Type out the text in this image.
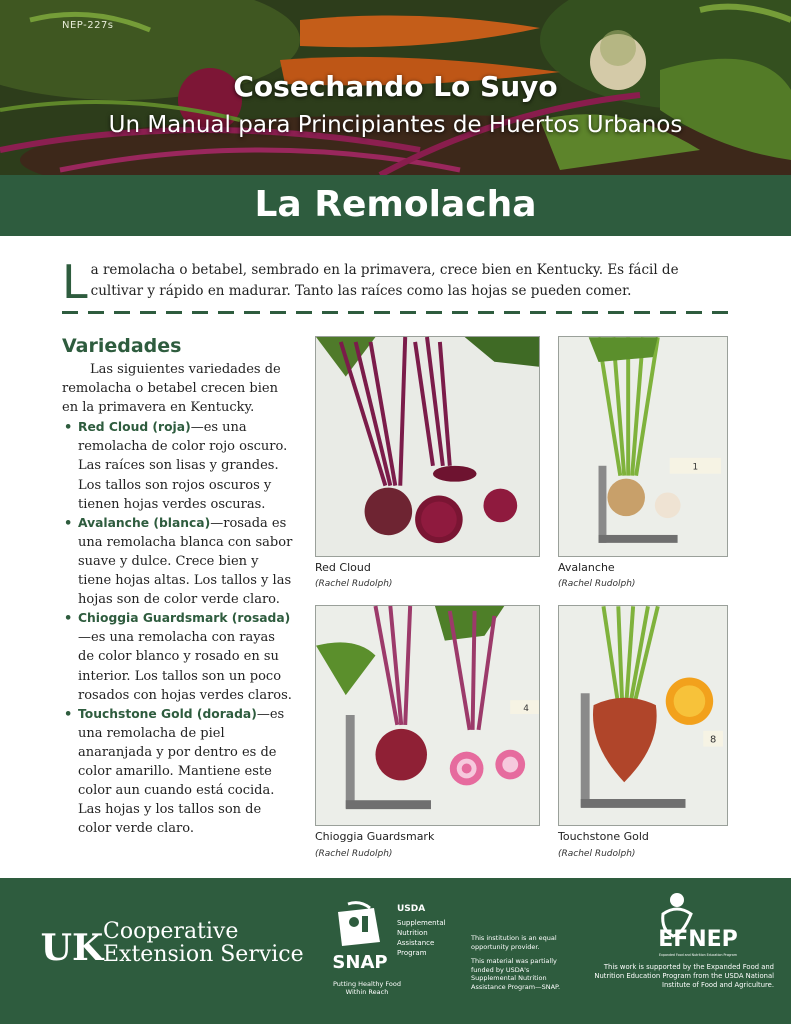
NEP-227s
Cosechando Lo Suyo
Un Manual para Principiantes de Huertos Urbanos
La Remolacha
L a remolacha o betabel, sembrado en la primavera, crece bien en Kentucky. Es fácil de cultivar y rápido en madurar. Tanto las raíces como las hojas se pueden comer.
Variedades

Las siguientes variedades de remolacha o betabel crecen bien en la primavera en Kentucky.

• Red Cloud (roja)—es una remolacha de color rojo oscuro. Las raíces son lisas y grandes. Los tallos son rojos oscuros y tienen hojas verdes oscuras.
• Avalanche (blanca)—rosada es una remolacha blanca con sabor suave y dulce. Crece bien y tiene hojas altas. Los tallos y las hojas son de color verde claro.
• Chioggia Guardsmark (rosada)—es una remolacha con rayas de color blanco y rosado en su interior. Los tallos son un poco rosados con hojas verdes claros.
• Touchstone Gold (dorada)—es una remolacha de piel anaranjada y por dentro es de color amarillo. Mantiene este color aun cuando está cocida. Las hojas y los tallos son de color verde claro.
Red Cloud
(Rachel Rudolph)
1
Avalanche
(Rachel Rudolph)
4
Chioggia Guardsmark
(Rachel Rudolph)
8
Touchstone Gold
(Rachel Rudolph)
UK Cooperative
Extension Service SNAP
USDA
Supplemental Nutrition Assistance Program
Putting Healthy Food Within Reach

This institution is an equal opportunity provider.

This material was partially funded by USDA's Supplemental Nutrition Assistance Program—SNAP.

EFNEP
Expanded Food and Nutrition Education Program
This work is supported by the Expanded Food and Nutrition Education Program from the USDA National Institute of Food and Agriculture.
